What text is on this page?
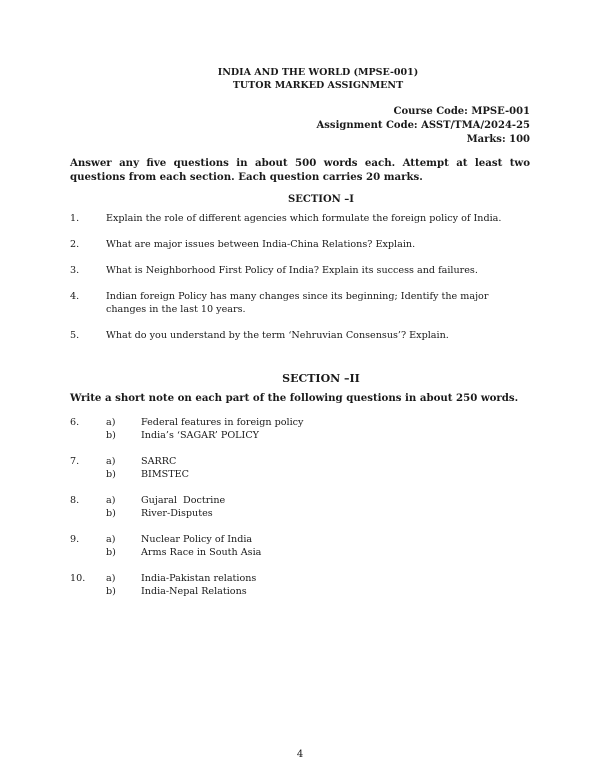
INDIA AND THE WORLD (MPSE-001)
TUTOR MARKED ASSIGNMENT
Course Code: MPSE-001
Assignment Code: ASST/TMA/2024-25
Marks: 100
Answer any five questions in about 500 words each. Attempt at least two questions from each section. Each question carries 20 marks.
SECTION –I
1.	Explain the role of different agencies which formulate the foreign policy of India.
2.	What are major issues between India-China Relations? Explain.
3.	What is Neighborhood First Policy of India? Explain its success and failures.
4.	Indian foreign Policy has many changes since its beginning; Identify the major changes in the last 10 years.
5.	What do you understand by the term ‘Nehruvian Consensus’? Explain.
SECTION –II
Write a short note on each part of the following questions in about 250 words.
6.	a)	Federal features in foreign policy
b)	India’s ‘SAGAR’ POLICY
7.	a)	SARRC
b)	BIMSTEC
8.	a)	Gujaral  Doctrine
b)	River-Disputes
9.	a)	Nuclear Policy of India
b)	Arms Race in South Asia
10. a)	India-Pakistan relations
b)	India-Nepal Relations
4
